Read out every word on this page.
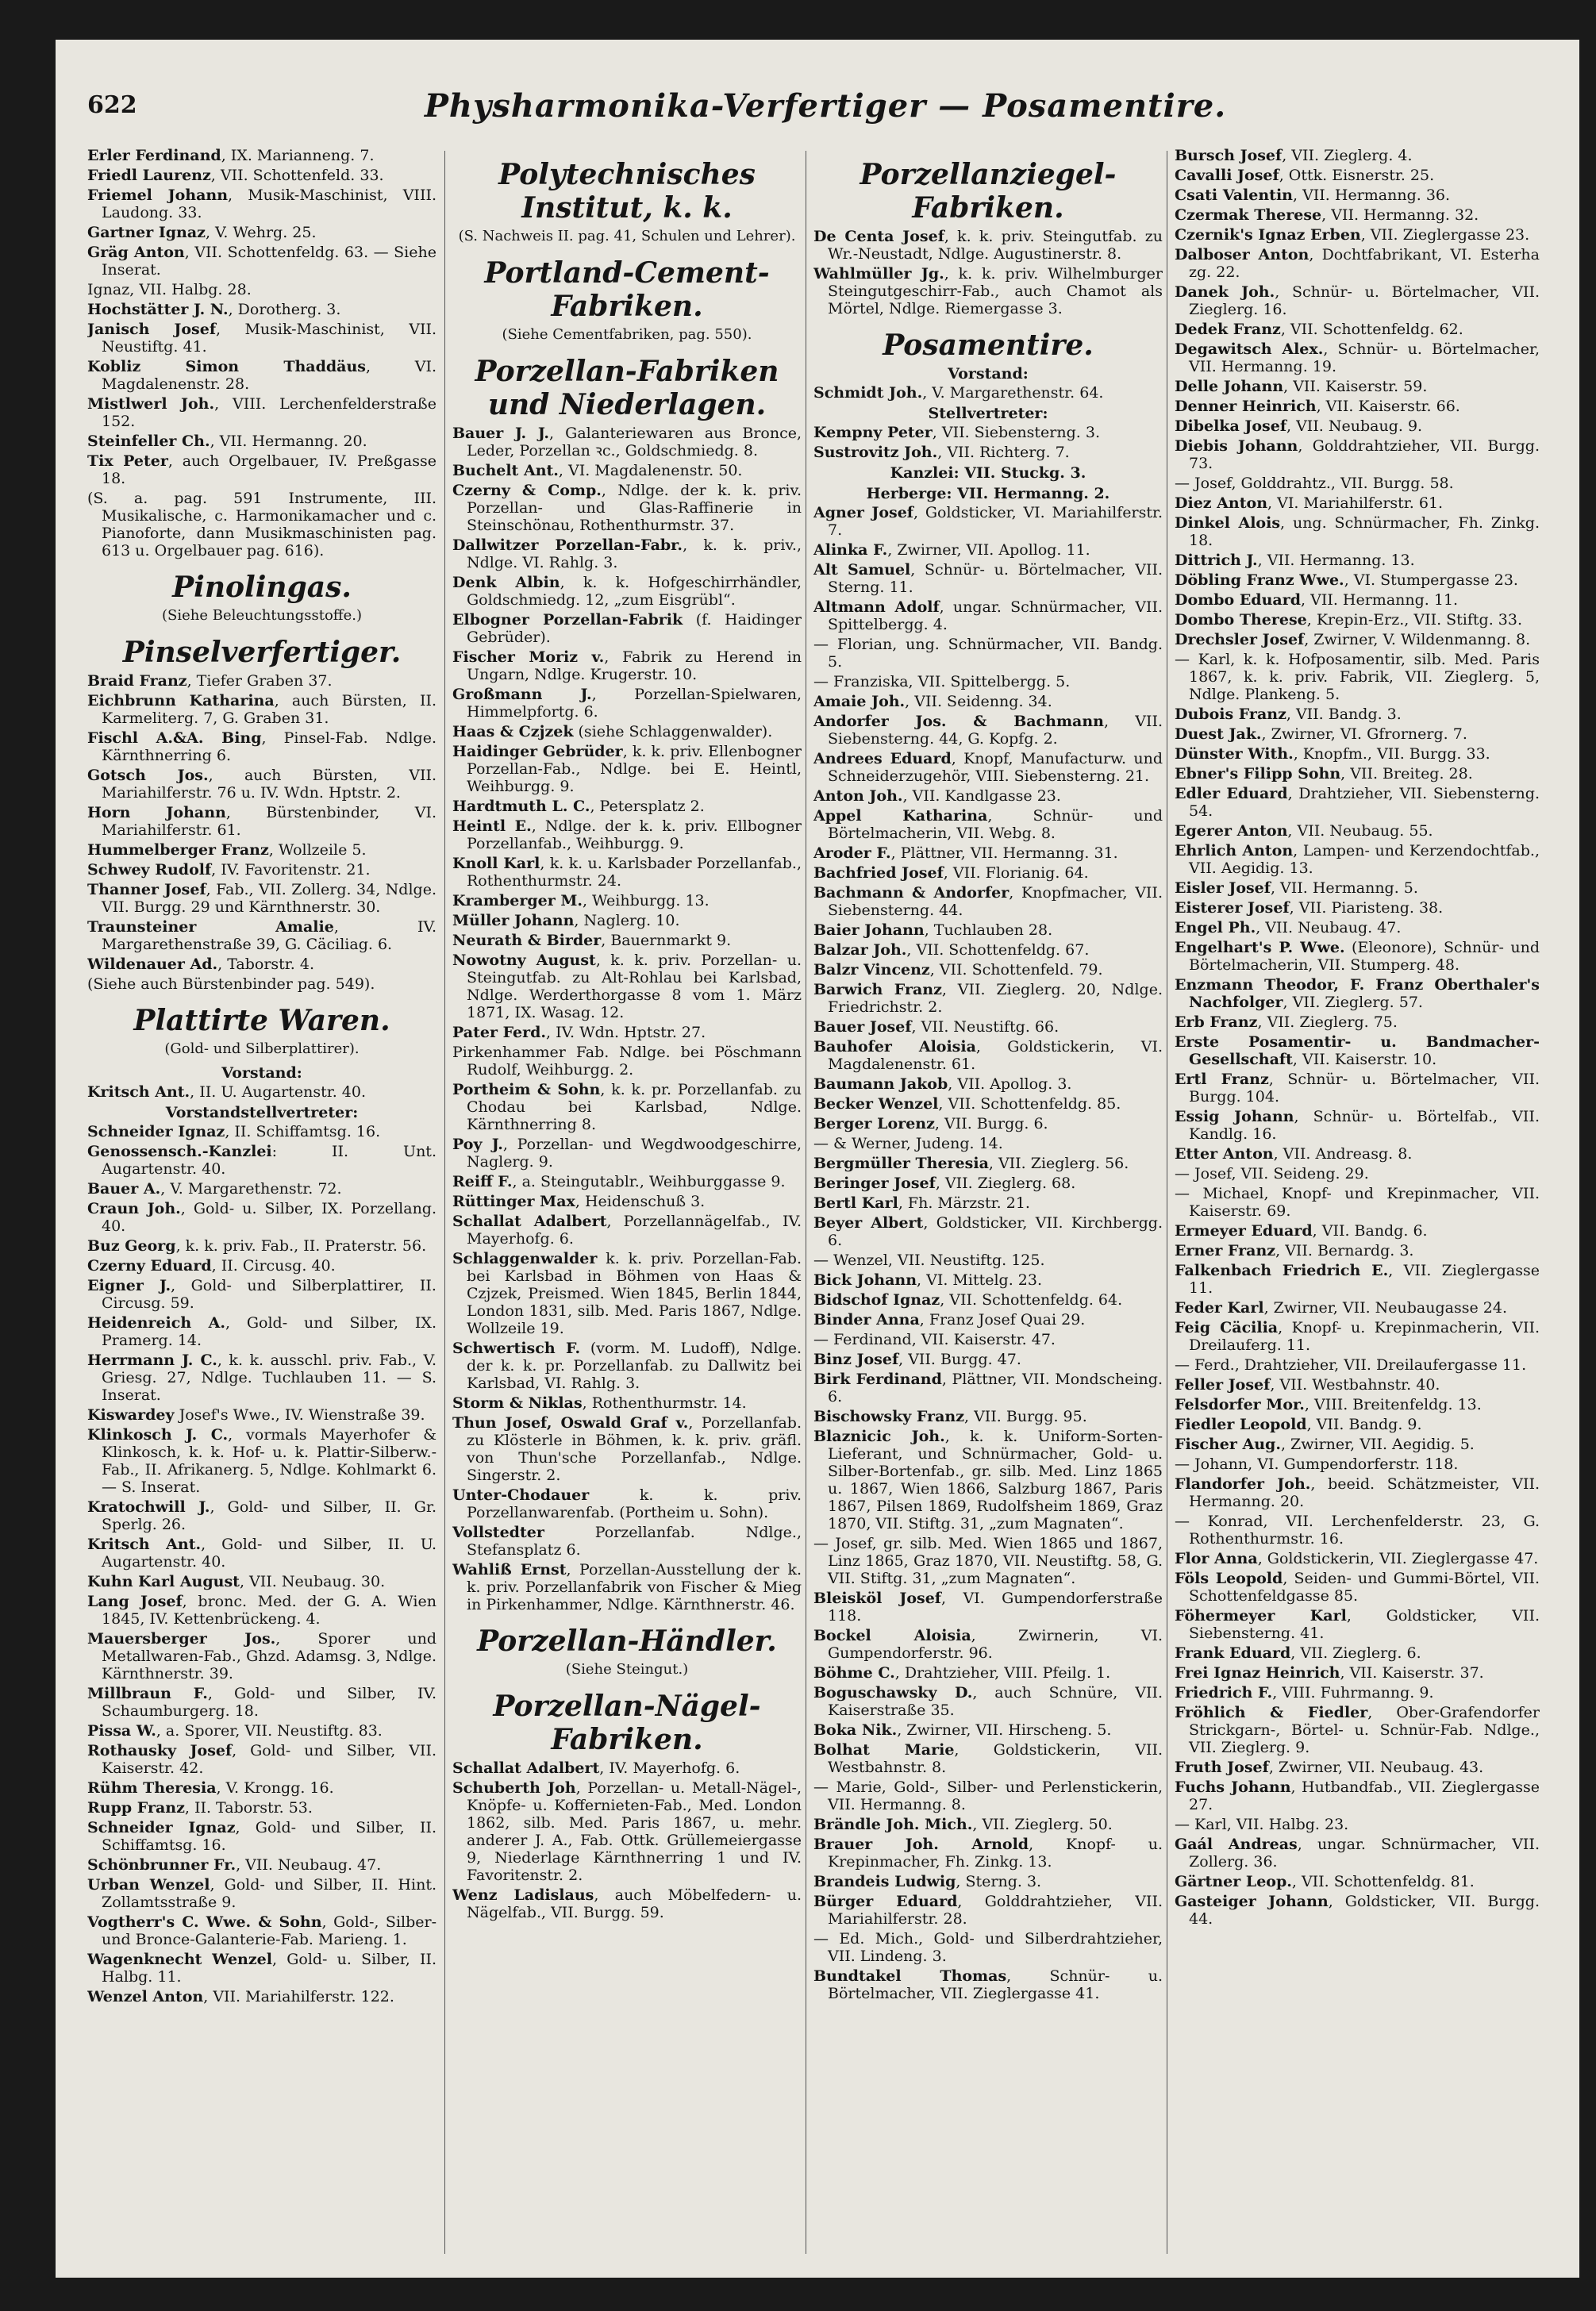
622	Physharmonika-Verfertiger — Posamentire.
Erler Ferdinand, IX. Marianneng. 7.
Friedl Laurenz, VII. Schottenfeld. 33.
Friemel Johann, Musik-Maschinist, VIII. Laudong. 33.
Gartner Ignaz, V. Wehrg. 25.
Gräg Anton, VII. Schottenfeldg. 63. — Siehe Inserat.
Ignaz, VII. Halbg. 28.
Hochstätter J. N., Dorotherg. 3.
Janisch Josef, Musik-Maschinist, VII. Neustiftg. 41.
Kobliz Simon Thaddäus, VI. Magdalenenstr. 28.
Mistlwerl Joh., VIII. Lerchenfelderstraße 152.
Steinfeller Ch., VII. Hermanng. 20.
Tix Peter, auch Orgelbauer, IV. Preßgasse 18.
(S. a. pag. 591 Instrumente, III. Musikalische, c. Harmonikamacher und c. Pianoforte, dann Musikmaschinisten pag. 613 u. Orgelbauer pag. 616).
Pinolingas.
(Siehe Beleuchtungsstoffe.)
Pinselverfertiger.
Braid Franz, Tiefer Graben 37.
Eichbrunn Katharina, auch Bürsten, II. Karmeliterg. 7, G. Graben 31.
Fischl A.&A. Bing, Pinsel-Fab. Ndlge. Kärnthnerring 6.
Gotsch Jos., auch Bürsten, VII. Mariahilferstr. 76 u. IV. Wdn. Hptstr. 2.
Horn Johann, Bürstenbinder, VI. Mariahilferstr. 61.
Hummelberger Franz, Wollzeile 5.
Schwey Rudolf, IV. Favoritenstr. 21.
Thanner Josef, Fab., VII. Zollerg. 34, Ndlge. VII. Burgg. 29 und Kärnthnerstr. 30.
Traunsteiner Amalie, IV. Margarethenstraße 39, G. Cäciliag. 6.
Wildenauer Ad., Taborstr. 4.
(Siehe auch Bürstenbinder pag. 549).
Plattirte Waren.
(Gold- und Silberplattirer).
Vorstand:
Kritsch Ant., II. U. Augartenstr. 40.
Vorstandstellvertreter:
Schneider Ignaz, II. Schiffamtsg. 16.
Genossensch.-Kanzlei: II. Unt. Augartenstr. 40.
Bauer A., V. Margarethenstr. 72.
Craun Joh., Gold- u. Silber, IX. Porzellang. 40.
Buz Georg, k. k. priv. Fab., II. Praterstr. 56.
Czerny Eduard, II. Circusg. 40.
Eigner J., Gold- und Silberplattirer, II. Circusg. 59.
Heidenreich A., Gold- und Silber, IX. Pramerg. 14.
Herrmann J. C., k. k. ausschl. priv. Fab., V. Griesg. 27, Ndlge. Tuchlauben 11. — S. Inserat.
Kiswardey Josef's Wwe., IV. Wienstraße 39.
Klinkosch J. C., vormals Mayerhofer & Klinkosch, k. k. Hof- u. k. Plattir-Silberw.-Fab., II. Afrikanerg. 5, Ndlge. Kohlmarkt 6. — S. Inserat.
Kratochwill J., Gold- und Silber, II. Gr. Sperlg. 26.
Kritsch Ant., Gold- und Silber, II. U. Augartenstr. 40.
Kuhn Karl August, VII. Neubaug. 30.
Lang Josef, bronc. Med. der G. A. Wien 1845, IV. Kettenbrückeng. 4.
Mauersberger Jos., Sporer und Metallwaren-Fab., Ghzd. Adamsg. 3, Ndlge. Kärnthnerstr. 39.
Millbraun F., Gold- und Silber, IV. Schaumburgerg. 18.
Pissa W., a. Sporer, VII. Neustiftg. 83.
Rothausky Josef, Gold- und Silber, VII. Kaiserstr. 42.
Rühm Theresia, V. Krongg. 16.
Rupp Franz, II. Taborstr. 53.
Schneider Ignaz, Gold- und Silber, II. Schiffamtsg. 16.
Schönbrunner Fr., VII. Neubaug. 47.
Urban Wenzel, Gold- und Silber, II. Hint. Zollamtsstraße 9.
Vogtherr's C. Wwe. & Sohn, Gold-, Silber- und Bronce-Galanterie-Fab. Marieng. 1.
Wagenknecht Wenzel, Gold- u. Silber, II. Halbg. 11.
Wenzel Anton, VII. Mariahilferstr. 122.
Polytechnisches Institut, k. k.
(S. Nachweis II. pag. 41, Schulen und Lehrer).
Portland-Cement-Fabriken.
(Siehe Cementfabriken, pag. 550).
Porzellan-Fabriken und Niederlagen.
Bauer J. J., Galanteriewaren aus Bronce, Leder, Porzellan ꝛc., Goldschmiedg. 8.
Buchelt Ant., VI. Magdalenenstr. 50.
Czerny & Comp., Ndlge. der k. k. priv. Porzellan- und Glas-Raffinerie in Steinschönau, Rothenthurmstr. 37.
Dallwitzer Porzellan-Fabr., k. k. priv., Ndlge. VI. Rahlg. 3.
Denk Albin, k. k. Hofgeschirrhändler, Goldschmiedg. 12, „zum Eisgrübl“.
Elbogner Porzellan-Fabrik (f. Haidinger Gebrüder).
Fischer Moriz v., Fabrik zu Herend in Ungarn, Ndlge. Krugerstr. 10.
Großmann J., Porzellan-Spielwaren, Himmelpfortg. 6.
Haas & Czjzek (siehe Schlaggenwalder).
Haidinger Gebrüder, k. k. priv. Ellenbogner Porzellan-Fab., Ndlge. bei E. Heintl, Weihburgg. 9.
Hardtmuth L. C., Petersplatz 2.
Heintl E., Ndlge. der k. k. priv. Ellbogner Porzellanfab., Weihburgg. 9.
Knoll Karl, k. k. u. Karlsbader Porzellanfab., Rothenthurmstr. 24.
Kramberger M., Weihburgg. 13.
Müller Johann, Naglerg. 10.
Neurath & Birder, Bauernmarkt 9.
Nowotny August, k. k. priv. Porzellan- u. Steingutfab. zu Alt-Rohlau bei Karlsbad, Ndlge. Werderthorgasse 8 vom 1. März 1871, IX. Wasag. 12.
Pater Ferd., IV. Wdn. Hptstr. 27.
Pirkenhammer Fab. Ndlge. bei Pöschmann Rudolf, Weihburgg. 2.
Portheim & Sohn, k. k. pr. Porzellanfab. zu Chodau bei Karlsbad, Ndlge. Kärnthnerring 8.
Poy J., Porzellan- und Wegdwoodgeschirre, Naglerg. 9.
Reiff F., a. Steingutablr., Weihburggasse 9.
Rüttinger Max, Heidenschuß 3.
Schallat Adalbert, Porzellannägelfab., IV. Mayerhofg. 6.
Schlaggenwalder k. k. priv. Porzellan-Fab. bei Karlsbad in Böhmen von Haas & Czjzek, Preismed. Wien 1845, Berlin 1844, London 1831, silb. Med. Paris 1867, Ndlge. Wollzeile 19.
Schwertisch F. (vorm. M. Ludoff), Ndlge. der k. k. pr. Porzellanfab. zu Dallwitz bei Karlsbad, VI. Rahlg. 3.
Storm & Niklas, Rothenthurmstr. 14.
Thun Josef, Oswald Graf v., Porzellanfab. zu Klösterle in Böhmen, k. k. priv. gräfl. von Thun'sche Porzellanfab., Ndlge. Singerstr. 2.
Unter-Chodauer k. k. priv. Porzellanwarenfab. (Portheim u. Sohn).
Vollstedter Porzellanfab. Ndlge., Stefansplatz 6.
Wahliß Ernst, Porzellan-Ausstellung der k. k. priv. Porzellanfabrik von Fischer & Mieg in Pirkenhammer, Ndlge. Kärnthnerstr. 46.
Porzellan-Händler.
(Siehe Steingut.)
Porzellan-Nägel-Fabriken.
Schallat Adalbert, IV. Mayerhofg. 6.
Schuberth Joh, Porzellan- u. Metall-Nägel-, Knöpfe- u. Koffernieten-Fab., Med. London 1862, silb. Med. Paris 1867, u. mehr. anderer J. A., Fab. Ottk. Grüllemeiergasse 9, Niederlage Kärnthnerring 1 und IV. Favoritenstr. 2.
Wenz Ladislaus, auch Möbelfedern- u. Nägelfab., VII. Burgg. 59.
Porzellanziegel-Fabriken.
De Centa Josef, k. k. priv. Steingutfab. zu Wr.-Neustadt, Ndlge. Augustinerstr. 8.
Wahlmüller Jg., k. k. priv. Wilhelmburger Steingutgeschirr-Fab., auch Chamot als Mörtel, Ndlge. Riemergasse 3.
Posamentire.
Vorstand:
Schmidt Joh., V. Margarethenstr. 64.
Stellvertreter:
Kempny Peter, VII. Siebensterng. 3.
Sustrovitz Joh., VII. Richterg. 7.
Kanzlei: VII. Stuckg. 3.
Herberge: VII. Hermanng. 2.
Agner Josef, Goldsticker, VI. Mariahilferstr. 7.
Alinka F., Zwirner, VII. Apollog. 11.
Alt Samuel, Schnür- u. Börtelmacher, VII. Sterng. 11.
Altmann Adolf, ungar. Schnürmacher, VII. Spittelbergg. 4.
— Florian, ung. Schnürmacher, VII. Bandg. 5.
— Franziska, VII. Spittelbergg. 5.
Amaie Joh., VII. Seidenng. 34.
Andorfer Jos. & Bachmann, VII. Siebensterng. 44, G. Kopfg. 2.
Andrees Eduard, Knopf, Manufacturw. und Schneiderzugehör, VIII. Siebensterng. 21.
Anton Joh., VII. Kandlgasse 23.
Appel Katharina, Schnür- und Börtelmacherin, VII. Webg. 8.
Aroder F., Plättner, VII. Hermanng. 31.
Bachfried Josef, VII. Florianig. 64.
Bachmann & Andorfer, Knopfmacher, VII. Siebensterng. 44.
Baier Johann, Tuchlauben 28.
Balzar Joh., VII. Schottenfeldg. 67.
Balzr Vincenz, VII. Schottenfeld. 79.
Barwich Franz, VII. Zieglerg. 20, Ndlge. Friedrichstr. 2.
Bauer Josef, VII. Neustiftg. 66.
Bauhofer Aloisia, Goldstickerin, VI. Magdalenenstr. 61.
Baumann Jakob, VII. Apollog. 3.
Becker Wenzel, VII. Schottenfeldg. 85.
Berger Lorenz, VII. Burgg. 6.
— & Werner, Judeng. 14.
Bergmüller Theresia, VII. Zieglerg. 56.
Beringer Josef, VII. Zieglerg. 68.
Bertl Karl, Fh. Märzstr. 21.
Beyer Albert, Goldsticker, VII. Kirchbergg. 6.
— Wenzel, VII. Neustiftg. 125.
Bick Johann, VI. Mittelg. 23.
Bidschof Ignaz, VII. Schottenfeldg. 64.
Binder Anna, Franz Josef Quai 29.
— Ferdinand, VII. Kaiserstr. 47.
Binz Josef, VII. Burgg. 47.
Birk Ferdinand, Plättner, VII. Mondscheing. 6.
Bischowsky Franz, VII. Burgg. 95.
Blaznicic Joh., k. k. Uniform-Sorten-Lieferant, und Schnürmacher, Gold- u. Silber-Bortenfab., gr. silb. Med. Linz 1865 u. 1867, Wien 1866, Salzburg 1867, Paris 1867, Pilsen 1869, Rudolfsheim 1869, Graz 1870, VII. Stiftg. 31, „zum Magnaten“.
— Josef, gr. silb. Med. Wien 1865 und 1867, Linz 1865, Graz 1870, VII. Neustiftg. 58, G. VII. Stiftg. 31, „zum Magnaten“.
Bleisköl Josef, VI. Gumpendorferstraße 118.
Bockel Aloisia, Zwirnerin, VI. Gumpendorferstr. 96.
Böhme C., Drahtzieher, VIII. Pfeilg. 1.
Boguschawsky D., auch Schnüre, VII. Kaiserstraße 35.
Boka Nik., Zwirner, VII. Hirscheng. 5.
Bolhat Marie, Goldstickerin, VII. Westbahnstr. 8.
— Marie, Gold-, Silber- und Perlenstickerin, VII. Hermanng. 8.
Brändle Joh. Mich., VII. Zieglerg. 50.
Brauer Joh. Arnold, Knopf- u. Krepinmacher, Fh. Zinkg. 13.
Brandeis Ludwig, Sterng. 3.
Bürger Eduard, Golddrahtzieher, VII. Mariahilferstr. 28.
— Ed. Mich., Gold- und Silberdrahtzieher, VII. Lindeng. 3.
Bundtakel Thomas, Schnür- u. Börtelmacher, VII. Zieglergasse 41.
Bursch Josef, VII. Zieglerg. 4.
Cavalli Josef, Ottk. Eisnerstr. 25.
Csati Valentin, VII. Hermanng. 36.
Czermak Therese, VII. Hermanng. 32.
Czernik's Ignaz Erben, VII. Zieglergasse 23.
Dalboser Anton, Dochtfabrikant, VI. Esterha zg. 22.
Danek Joh., Schnür- u. Börtelmacher, VII. Zieglerg. 16.
Dedek Franz, VII. Schottenfeldg. 62.
Degawitsch Alex., Schnür- u. Börtelmacher, VII. Hermanng. 19.
Delle Johann, VII. Kaiserstr. 59.
Denner Heinrich, VII. Kaiserstr. 66.
Dibelka Josef, VII. Neubaug. 9.
Diebis Johann, Golddrahtzieher, VII. Burgg. 73.
— Josef, Golddrahtz., VII. Burgg. 58.
Diez Anton, VI. Mariahilferstr. 61.
Dinkel Alois, ung. Schnürmacher, Fh. Zinkg. 18.
Dittrich J., VII. Hermanng. 13.
Döbling Franz Wwe., VI. Stumpergasse 23.
Dombo Eduard, VII. Hermanng. 11.
Dombo Therese, Krepin-Erz., VII. Stiftg. 33.
Drechsler Josef, Zwirner, V. Wildenmanng. 8.
— Karl, k. k. Hofposamentir, silb. Med. Paris 1867, k. k. priv. Fabrik, VII. Zieglerg. 5, Ndlge. Plankeng. 5.
Dubois Franz, VII. Bandg. 3.
Duest Jak., Zwirner, VI. Gfrornerg. 7.
Dünster With., Knopfm., VII. Burgg. 33.
Ebner's Filipp Sohn, VII. Breiteg. 28.
Edler Eduard, Drahtzieher, VII. Siebensterng. 54.
Egerer Anton, VII. Neubaug. 55.
Ehrlich Anton, Lampen- und Kerzendochtfab., VII. Aegidig. 13.
Eisler Josef, VII. Hermanng. 5.
Eisterer Josef, VII. Piaristeng. 38.
Engel Ph., VII. Neubaug. 47.
Engelhart's P. Wwe. (Eleonore), Schnür- und Börtelmacherin, VII. Stumperg. 48.
Enzmann Theodor, F. Franz Oberthaler's Nachfolger, VII. Zieglerg. 57.
Erb Franz, VII. Zieglerg. 75.
Erste Posamentir- u. Bandmacher-Gesellschaft, VII. Kaiserstr. 10.
Ertl Franz, Schnür- u. Börtelmacher, VII. Burgg. 104.
Essig Johann, Schnür- u. Börtelfab., VII. Kandlg. 16.
Etter Anton, VII. Andreasg. 8.
— Josef, VII. Seideng. 29.
— Michael, Knopf- und Krepinmacher, VII. Kaiserstr. 69.
Ermeyer Eduard, VII. Bandg. 6.
Erner Franz, VII. Bernardg. 3.
Falkenbach Friedrich E., VII. Zieglergasse 11.
Feder Karl, Zwirner, VII. Neubaugasse 24.
Feig Cäcilia, Knopf- u. Krepinmacherin, VII. Dreilauferg. 11.
— Ferd., Drahtzieher, VII. Dreilaufergasse 11.
Feller Josef, VII. Westbahnstr. 40.
Felsdorfer Mor., VIII. Breitenfeldg. 13.
Fiedler Leopold, VII. Bandg. 9.
Fischer Aug., Zwirner, VII. Aegidig. 5.
— Johann, VI. Gumpendorferstr. 118.
Flandorfer Joh., beeid. Schätzmeister, VII. Hermanng. 20.
— Konrad, VII. Lerchenfelderstr. 23, G. Rothenthurmstr. 16.
Flor Anna, Goldstickerin, VII. Zieglergasse 47.
Föls Leopold, Seiden- und Gummi-Börtel, VII. Schottenfeldgasse 85.
Föhermeyer Karl, Goldsticker, VII. Siebensterng. 41.
Frank Eduard, VII. Zieglerg. 6.
Frei Ignaz Heinrich, VII. Kaiserstr. 37.
Friedrich F., VIII. Fuhrmanng. 9.
Fröhlich & Fiedler, Ober-Grafendorfer Strickgarn-, Börtel- u. Schnür-Fab. Ndlge., VII. Zieglerg. 9.
Fruth Josef, Zwirner, VII. Neubaug. 43.
Fuchs Johann, Hutbandfab., VII. Zieglergasse 27.
— Karl, VII. Halbg. 23.
Gaál Andreas, ungar. Schnürmacher, VII. Zollerg. 36.
Gärtner Leop., VII. Schottenfeldg. 81.
Gasteiger Johann, Goldsticker, VII. Burgg. 44.
